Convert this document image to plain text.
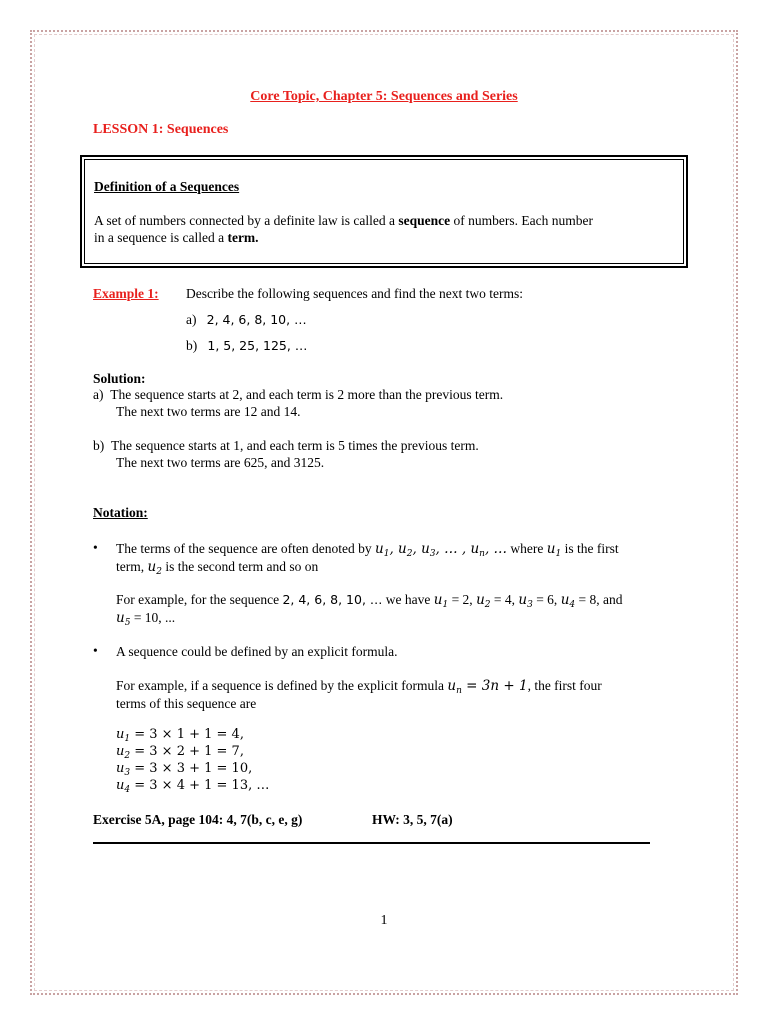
Core Topic, Chapter 5: Sequences and Series
LESSON 1: Sequences
Definition of a Sequences
A set of numbers connected by a definite law is called a sequence of numbers. Each number
in a sequence is called a term.
Example 1: Describe the following sequences and find the next two terms:
a) 2, 4, 6, 8, 10, …
b) 1, 5, 25, 125, …
Solution:
a) The sequence starts at 2, and each term is 2 more than the previous term.
The next two terms are 12 and 14.
b) The sequence starts at 1, and each term is 5 times the previous term.
The next two terms are 625, and 3125.
Notation:
• The terms of the sequence are often denoted by $u_1$, $u_2$, $u_3$, … , $u_n$, … where $u_1$ is the first
term, $u_2$ is the second term and so on
For example, for the sequence 2, 4, 6, 8, 10, … we have $u_1 = 2$, $u_2 = 4$, $u_3 = 6$, $u_4 = 8$, and
$u_5 = 10$, ...
• A sequence could be defined by an explicit formula.
For example, if a sequence is defined by the explicit formula $u_n = 3n + 1$, the first four
terms of this sequence are
$u_1 = 3 \times 1 + 1 = 4$,
$u_2 = 3 \times 2 + 1 = 7$,
$u_3 = 3 \times 3 + 1 = 10$,
$u_4 = 3 \times 4 + 1 = 13$, …
Exercise 5A, page 104: 4, 7(b, c, e, g)	HW: 3, 5, 7(a)
1
